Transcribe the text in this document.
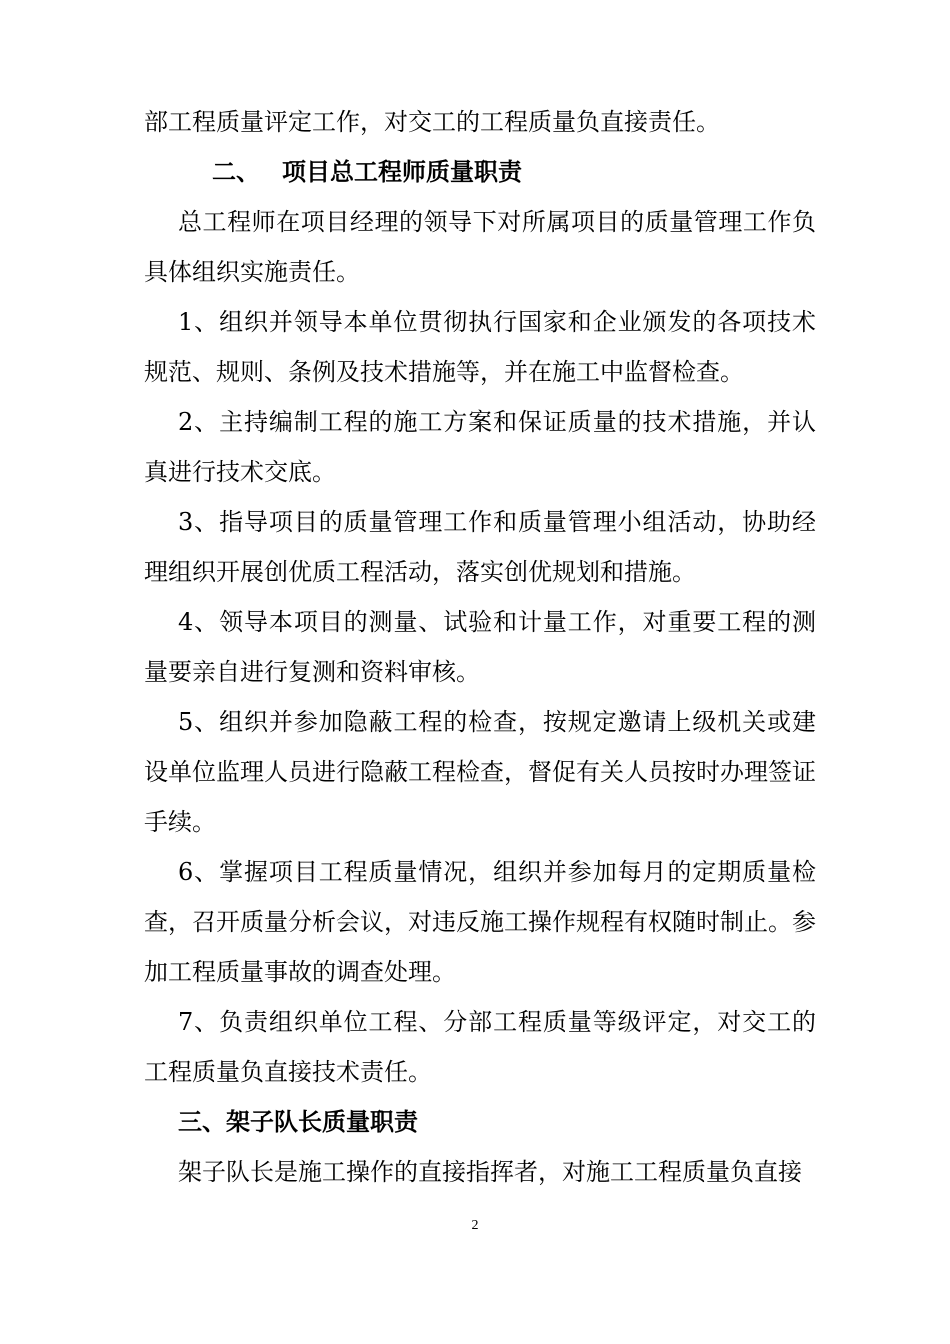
部工程质量评定工作，对交工的工程质量负直接责任。

二、 项目总工程师质量职责

总工程师在项目经理的领导下对所属项目的质量管理工作负具体组织实施责任。

1、组织并领导本单位贯彻执行国家和企业颁发的各项技术规范、规则、条例及技术措施等，并在施工中监督检查。

2、主持编制工程的施工方案和保证质量的技术措施，并认真进行技术交底。

3、指导项目的质量管理工作和质量管理小组活动，协助经理组织开展创优质工程活动，落实创优规划和措施。

4、领导本项目的测量、试验和计量工作，对重要工程的测量要亲自进行复测和资料审核。

5、组织并参加隐蔽工程的检查，按规定邀请上级机关或建设单位监理人员进行隐蔽工程检查，督促有关人员按时办理签证手续。

6、掌握项目工程质量情况，组织并参加每月的定期质量检查，召开质量分析会议，对违反施工操作规程有权随时制止。参加工程质量事故的调查处理。

7、负责组织单位工程、分部工程质量等级评定，对交工的工程质量负直接技术责任。

三、架子队长质量职责

架子队长是施工操作的直接指挥者，对施工工程质量负直接

2
